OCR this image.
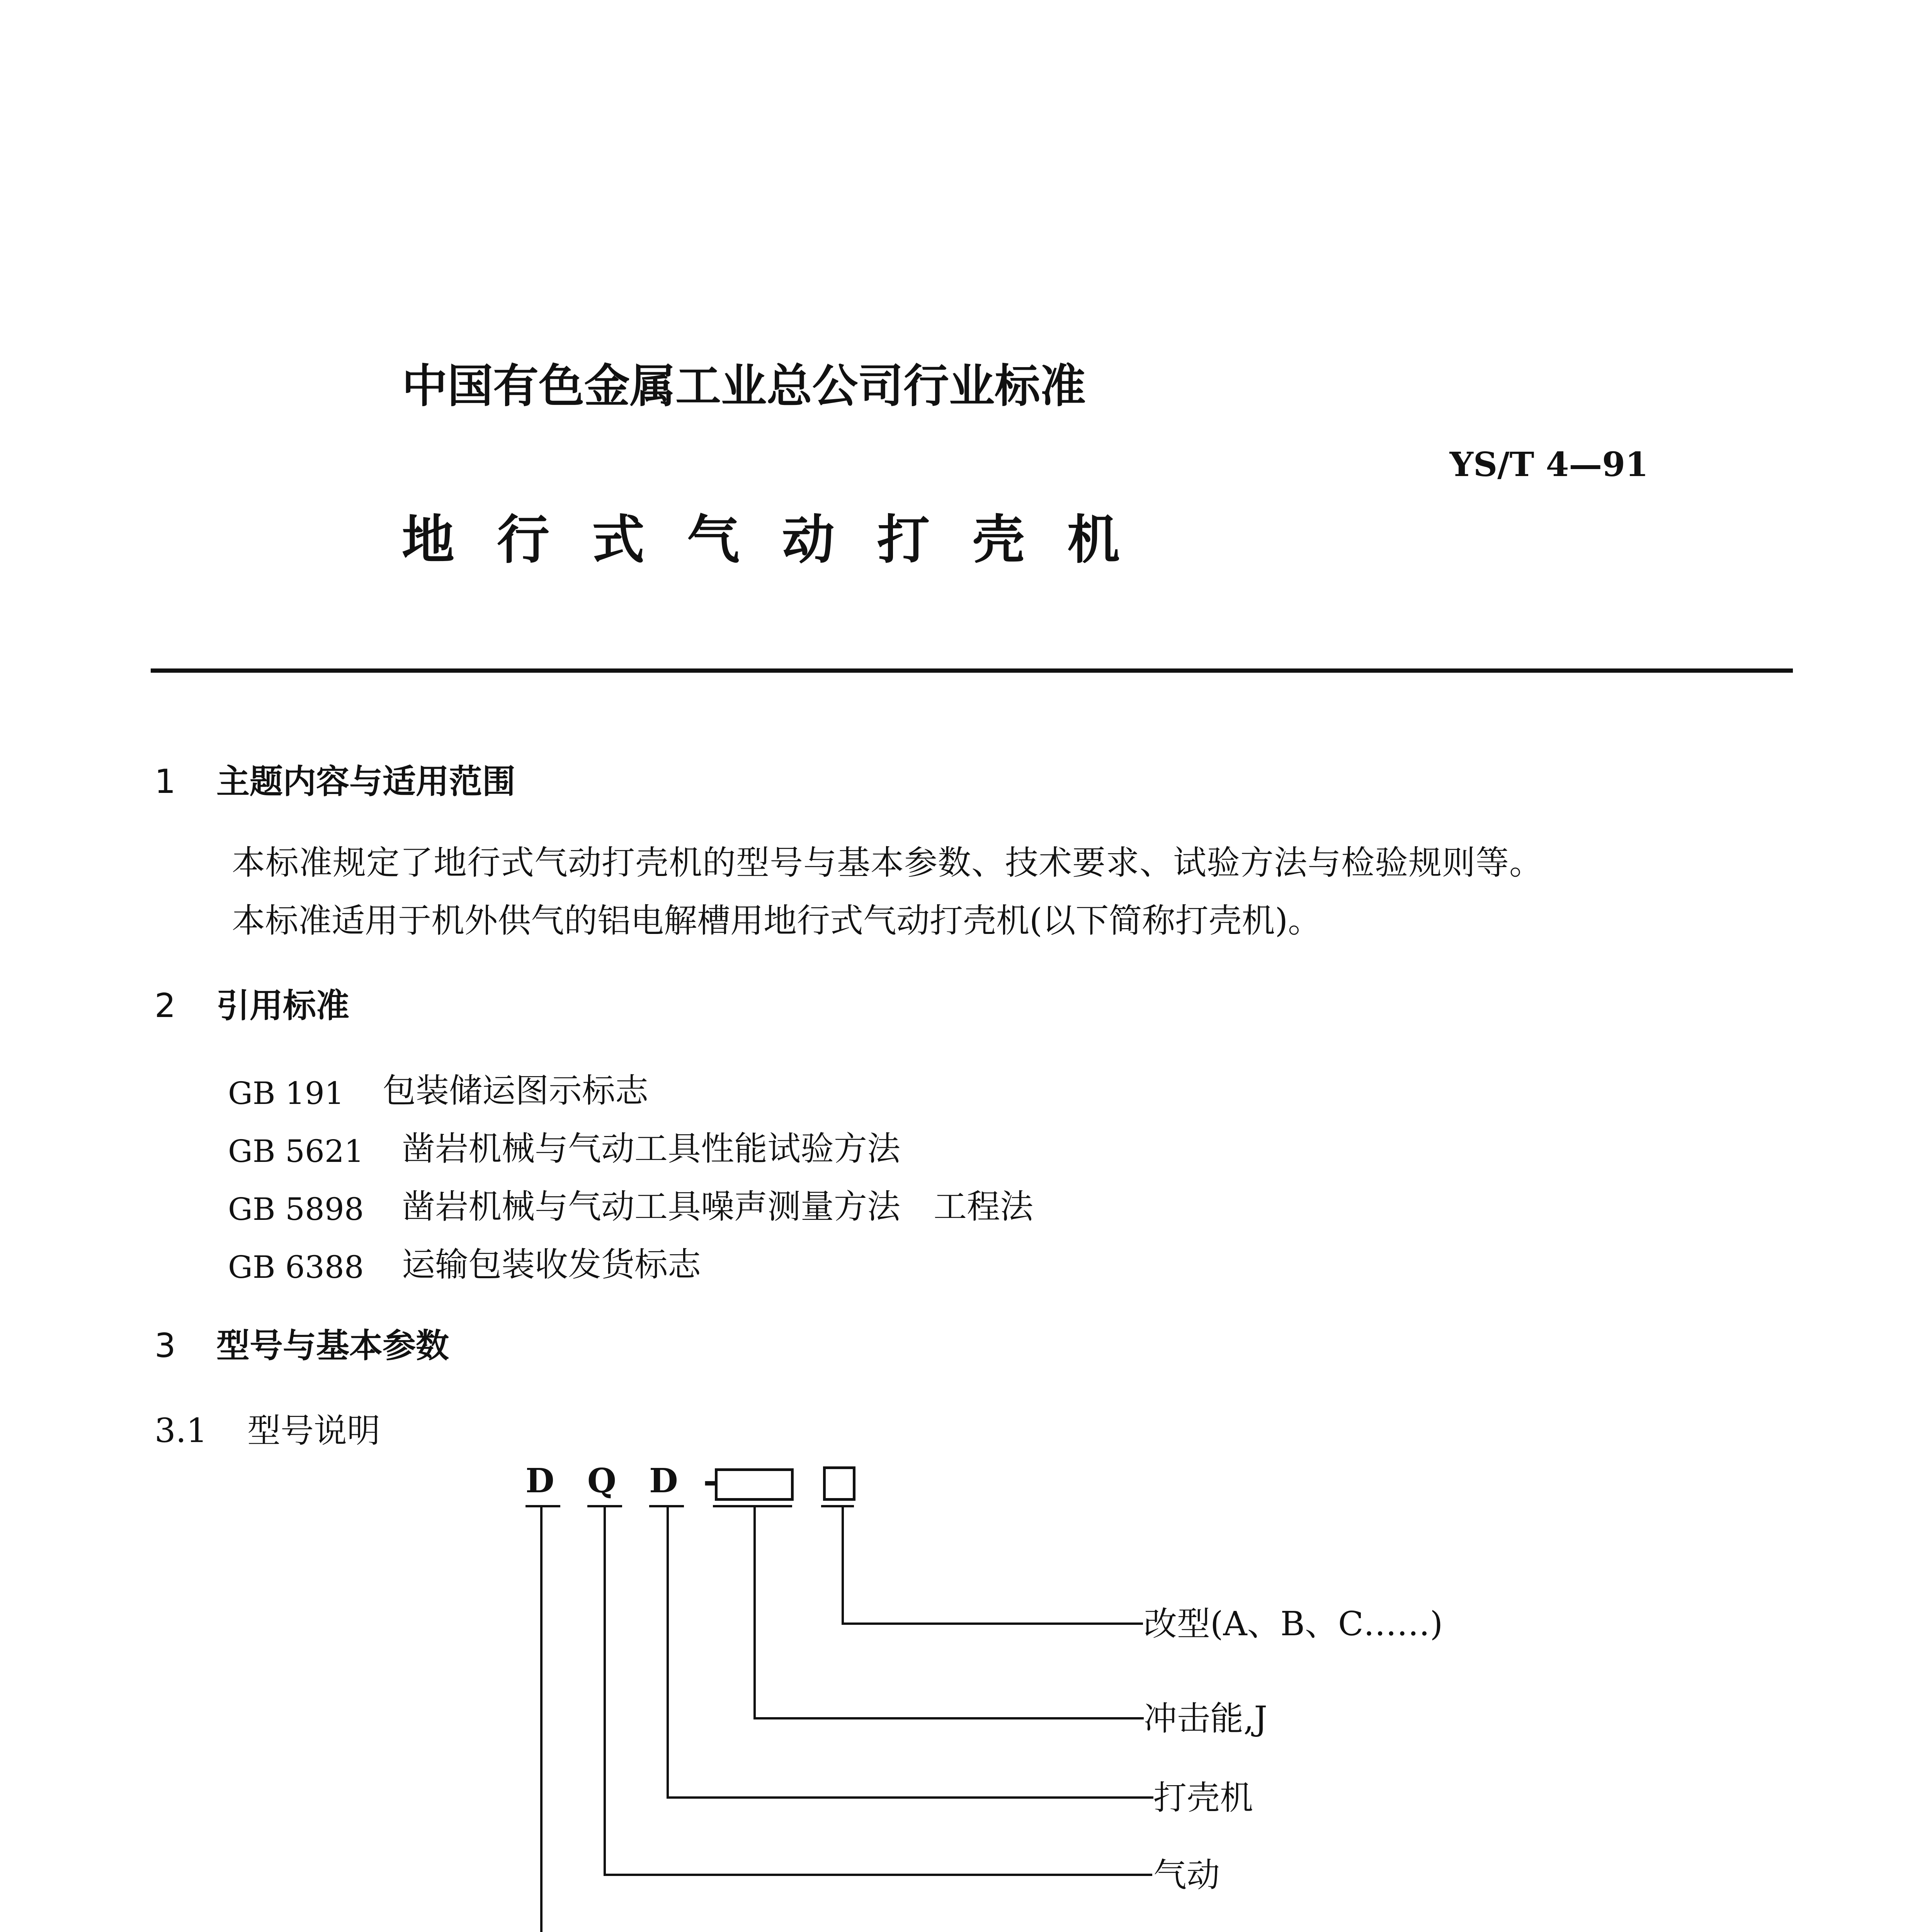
中国有色金属工业总公司行业标准
YS/T 4—91
地行式气动打壳机
1 主题内容与适用范围
本标准规定了地行式气动打壳机的型号与基本参数、技术要求、试验方法与检验规则等。
本标准适用于机外供气的铝电解槽用地行式气动打壳机(以下简称打壳机)。
2 引用标准
GB 191 包装储运图示标志
GB 5621 凿岩机械与气动工具性能试验方法
GB 5898 凿岩机械与气动工具噪声测量方法　工程法
GB 6388 运输包装收发货标志
3 型号与基本参数
3.1 型号说明
D Q D -
改型(A、B、C……)
冲击能,J
打壳机
气动
